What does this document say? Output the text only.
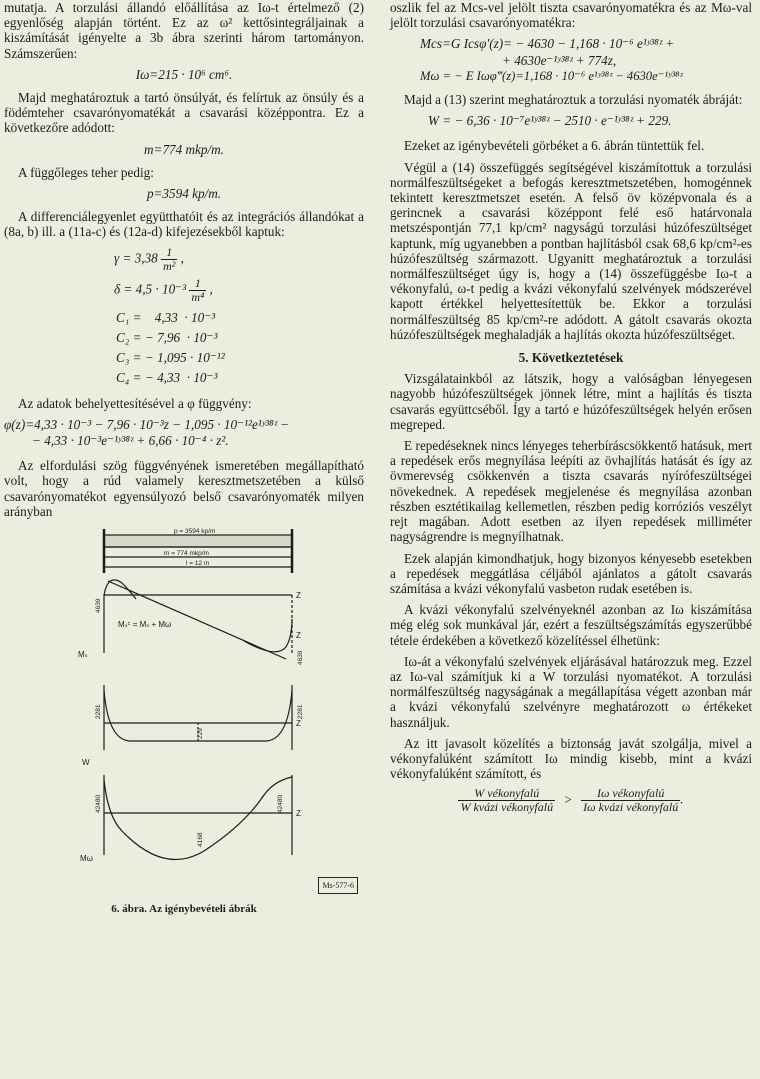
mutatja. A torzulási állandó előállítása az Iω-t értelmező (2) egyenlőség alapján történt. Ez az ω² kettősintegráljainak a kiszámítását igényelte a 3b ábra szerinti három tartományon. Számszerűen:

Iω=215 · 10⁶ cm⁶.

Majd meghatároztuk a tartó önsúlyát, és felírtuk az önsúly és a födémteher csavarónyomatékát a csavarási középpontra. Ez a következőre adódott:

m=774 mkp/m.

A függőleges teher pedig:

p=3594 kp/m.

A differenciálegyenlet együtthatóit és az integrációs állandókat a (8a, b) ill. a (11a-c) és (12a-d) kifejezésekből kaptuk:

$\gamma = 3,38 \frac{1}{\text{m²}}$ ,
$\delta = 4,5 \cdot 10^{-3} \frac{1}{\text{m⁴}}$ ,
C₁ =    4,33  · 10⁻³
C₂ = − 7,96  · 10⁻³
C₃ = − 1,095 · 10⁻¹²
C₄ = − 4,33  · 10⁻³

Az adatok behelyettesítésével a φ függvény:

φ(z)=4,33 · 10⁻³ − 7,96 · 10⁻³z − 1,095 · 10⁻¹²e¹ʸ³⁸ᶻ −
− 4,33 · 10⁻³e⁻¹ʸ³⁸ᶻ + 6,66 · 10⁻⁴ · z².

Az elfordulási szög függvényének ismeretében megállapítható volt, hogy a rúd valamely keresztmetszetében a külső csavarónyomatékot egyensúlyozó belső csavarónyomaték milyen arányban

p = 3594 kp/m
m = 774 mkp/m
l = 12 m
Mₛᶜ = Mₛ + Mω
Mₛ
Z
Z
W
Z
Mω
Z
4639
4639
2281	2281
229
4168
42480	42480
Ms-577-6
6. ábra. Az igénybevételi ábrák

oszlik fel az Mcs-vel jelölt tiszta csavarónyomatékra és az Mω-val jelölt torzulási csavarónyomatékra:

Mcs=G Icsφ′(z)= − 4630 − 1,168 · 10⁻⁶ e¹ʸ³⁸ᶻ +
+ 4630e⁻¹ʸ³⁸ᶻ + 774z,
Mω = − E Iωφ‴(z)=1,168 · 10⁻⁶ e¹ʸ³⁸ᶻ − 4630e⁻¹ʸ³⁸ᶻ

Majd a (13) szerint meghatároztuk a torzulási nyomaték ábráját:

W = − 6,36 · 10⁻⁷e¹ʸ³⁸ᶻ − 2510 · e⁻¹ʸ³⁸ᶻ + 229.

Ezeket az igénybevételi görbéket a 6. ábrán tüntettük fel.

Végül a (14) összefüggés segítségével kiszámítottuk a torzulási normálfeszültségeket a befogás keresztmetszetében, homogénnek tekintett keresztmetszet esetén. A felső öv középvonala és a gerincnek a csavarási középpont felé eső határvonala metszéspontján 77,1 kp/cm² nagyságú torzulási húzófeszültséget kaptunk, míg ugyanebben a pontban hajlításból csak 68,6 kp/cm²-es húzófeszültség származott. Ugyanitt meghatároztuk a torzulási normálfeszültséget úgy is, hogy a (14) összefüggésbe Iω-t a vékonyfalú, ω-t pedig a kvázi vékonyfalú szelvények módszerével kapott értékkel helyettesítettük be. Ekkor a torzulási normálfeszültség 85 kp/cm²-re adódott. A gátolt csavarás okozta húzófeszültségek meghaladják a hajlítás okozta húzófeszültséget.

5. Következtetések

Vizsgálatainkból az látszik, hogy a valóságban lényegesen nagyobb húzófeszültségek jönnek létre, mint a hajlítás és tiszta csavarás együttcséből. Így a tartó e húzófeszültségek helyén erősen megreped.

E repedéseknek nincs lényeges teherbíráscsökkentő hatásuk, mert a repedések erős megnyílása leépíti az övhajlítás hatását és így az övmerevség csökkenvén a tiszta csavarás nyírófeszültségei növekednek. A repedések megjelenése és megnyílása azonban részben esztétikailag kellemetlen, részben pedig korróziós veszélyt rejt magában. Adott esetben az ilyen repedések milliméter nagyságrendre is megnyílhatnak.

Ezek alapján kimondhatjuk, hogy bizonyos kényesebb esetekben a repedések meggátlása céljából ajánlatos a gátolt csavarás számítása a kvázi vékonyfalú vasbeton rudak esetében is.

A kvázi vékonyfalú szelvényeknél azonban az Iω kiszámítása még elég sok munkával jár, ezért a feszültségszámítás egyszerűbbé tétele érdekében a következő közelítéssel élhetünk:

Iω-át a vékonyfalú szelvények eljárásával határozzuk meg. Ezzel az Iω-val számítjuk ki a W torzulási nyomatékot. A torzulási normálfeszültség nagyságának a megállapítása végett azonban már a kvázi vékonyfalú szelvényre meghatározott ω értékeket használjuk.

Az itt javasolt közelítés a biztonság javát szolgálja, mivel a vékonyfalúként számított Iω mindig kisebb, mint a kvázi vékonyfalúként számított, és

$\frac{\text{W vékonyfalú}}{\text{W kvázi vékonyfalú}} > \frac{\text{Iω vékonyfalú}}{\text{Iω kvázi vékonyfalú}}$ .
